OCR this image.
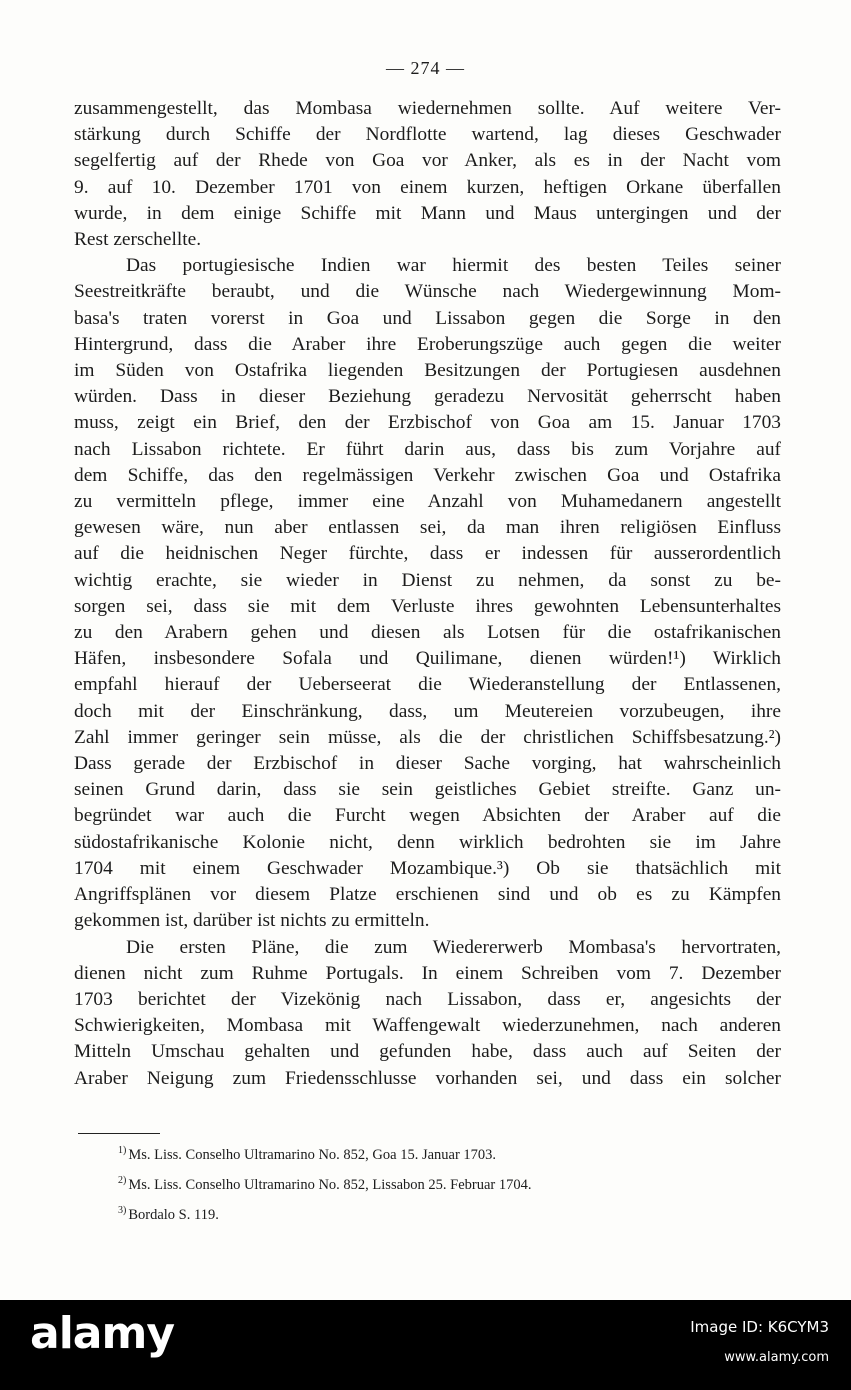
— 274 —
zusammengestellt, das Mombasa wiedernehmen sollte. Auf weitere Ver-
stärkung durch Schiffe der Nordflotte wartend, lag dieses Geschwader
segelfertig auf der Rhede von Goa vor Anker, als es in der Nacht vom
9. auf 10. Dezember 1701 von einem kurzen, heftigen Orkane überfallen
wurde, in dem einige Schiffe mit Mann und Maus untergingen und der
Rest zerschellte.
Das portugiesische Indien war hiermit des besten Teiles seiner
Seestreitkräfte beraubt, und die Wünsche nach Wiedergewinnung Mom-
basa's traten vorerst in Goa und Lissabon gegen die Sorge in den
Hintergrund, dass die Araber ihre Eroberungszüge auch gegen die weiter
im Süden von Ostafrika liegenden Besitzungen der Portugiesen ausdehnen
würden. Dass in dieser Beziehung geradezu Nervosität geherrscht haben
muss, zeigt ein Brief, den der Erzbischof von Goa am 15. Januar 1703
nach Lissabon richtete. Er führt darin aus, dass bis zum Vorjahre auf
dem Schiffe, das den regelmässigen Verkehr zwischen Goa und Ostafrika
zu vermitteln pflege, immer eine Anzahl von Muhamedanern angestellt
gewesen wäre, nun aber entlassen sei, da man ihren religiösen Einfluss
auf die heidnischen Neger fürchte, dass er indessen für ausserordentlich
wichtig erachte, sie wieder in Dienst zu nehmen, da sonst zu be-
sorgen sei, dass sie mit dem Verluste ihres gewohnten Lebensunterhaltes
zu den Arabern gehen und diesen als Lotsen für die ostafrikanischen
Häfen, insbesondere Sofala und Quilimane, dienen würden!¹) Wirklich
empfahl hierauf der Ueberseerat die Wiederanstellung der Entlassenen,
doch mit der Einschränkung, dass, um Meutereien vorzubeugen, ihre
Zahl immer geringer sein müsse, als die der christlichen Schiffsbesatzung.²)
Dass gerade der Erzbischof in dieser Sache vorging, hat wahrscheinlich
seinen Grund darin, dass sie sein geistliches Gebiet streifte. Ganz un-
begründet war auch die Furcht wegen Absichten der Araber auf die
südostafrikanische Kolonie nicht, denn wirklich bedrohten sie im Jahre
1704 mit einem Geschwader Mozambique.³) Ob sie thatsächlich mit
Angriffsplänen vor diesem Platze erschienen sind und ob es zu Kämpfen
gekommen ist, darüber ist nichts zu ermitteln.
Die ersten Pläne, die zum Wiedererwerb Mombasa's hervortraten,
dienen nicht zum Ruhme Portugals. In einem Schreiben vom 7. Dezember
1703 berichtet der Vizekönig nach Lissabon, dass er, angesichts der
Schwierigkeiten, Mombasa mit Waffengewalt wiederzunehmen, nach anderen
Mitteln Umschau gehalten und gefunden habe, dass auch auf Seiten der
Araber Neigung zum Friedensschlusse vorhanden sei, und dass ein solcher
$^{1)}$ Ms. Liss. Conselho Ultramarino No. 852, Goa 15. Januar 1703.
$^{2)}$ Ms. Liss. Conselho Ultramarino No. 852, Lissabon 25. Februar 1704.
$^{3)}$ Bordalo S. 119.
alamy	Image ID: K6CYM3
www.alamy.com
